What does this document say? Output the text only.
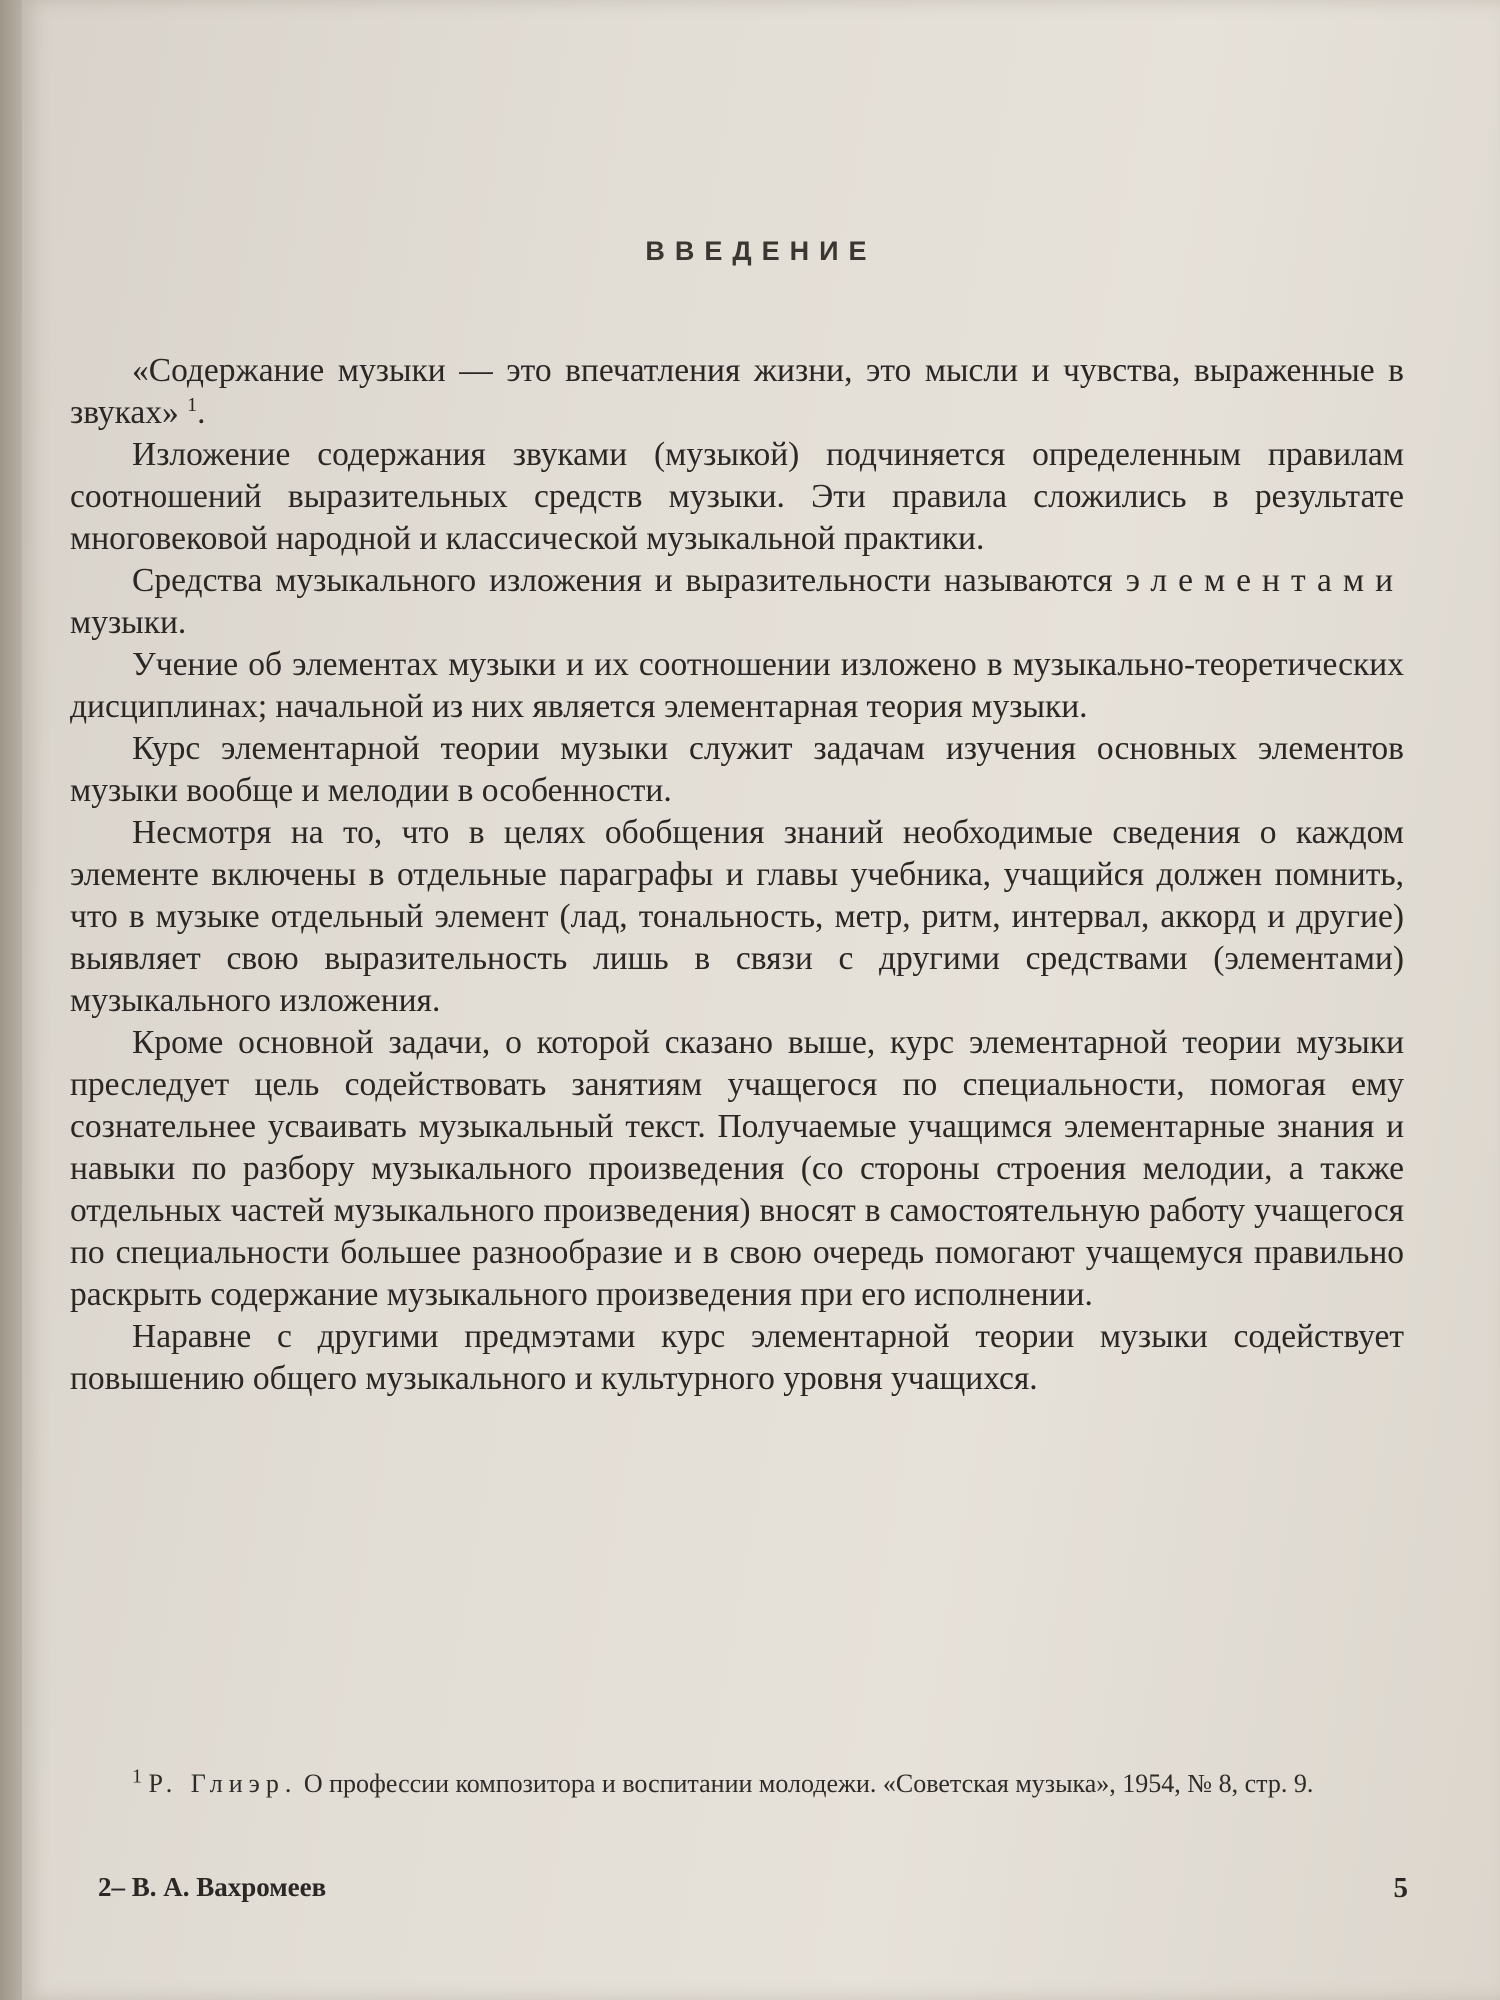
ВВЕДЕНИЕ

«Содержание музыки — это впечатления жизни, это мысли и чувства, выраженные в звуках» $^1$.

Изложение содержания звуками (музыкой) подчиняется определенным правилам соотношений выразительных средств музыки. Эти правила сложились в результате многовековой народной и классической музыкальной практики.

Средства музыкального изложения и выразительности называются элементами музыки.

Учение об элементах музыки и их соотношении изложено в музыкально-теоретических дисциплинах; начальной из них является элементарная теория музыки.

Курс элементарной теории музыки служит задачам изучения основных элементов музыки вообще и мелодии в особенности.

Несмотря на то, что в целях обобщения знаний необходимые сведения о каждом элементе включены в отдельные параграфы и главы учебника, учащийся должен помнить, что в музыке отдельный элемент (лад, тональность, метр, ритм, интервал, аккорд и другие) выявляет свою выразительность лишь в связи с другими средствами (элементами) музыкального изложения.

Кроме основной задачи, о которой сказано выше, курс элементарной теории музыки преследует цель содействовать занятиям учащегося по специальности, помогая ему сознательнее усваивать музыкальный текст. Получаемые учащимся элементарные знания и навыки по разбору музыкального произведения (со стороны строения мелодии, а также отдельных частей музыкального произведения) вносят в самостоятельную работу учащегося по специальности большее разнообразие и в свою очередь помогают учащемуся правильно раскрыть содержание музыкального произведения при его исполнении.

Наравне с другими предмэтами курс элементарной теории музыки содействует повышению общего музыкального и культурного уровня учащихся.

$^1$ Р. Глиэр. О профессии композитора и воспитании молодежи. «Советская музыка», 1954, № 8, стр. 9.

2– В. А. Вахромеев	5
